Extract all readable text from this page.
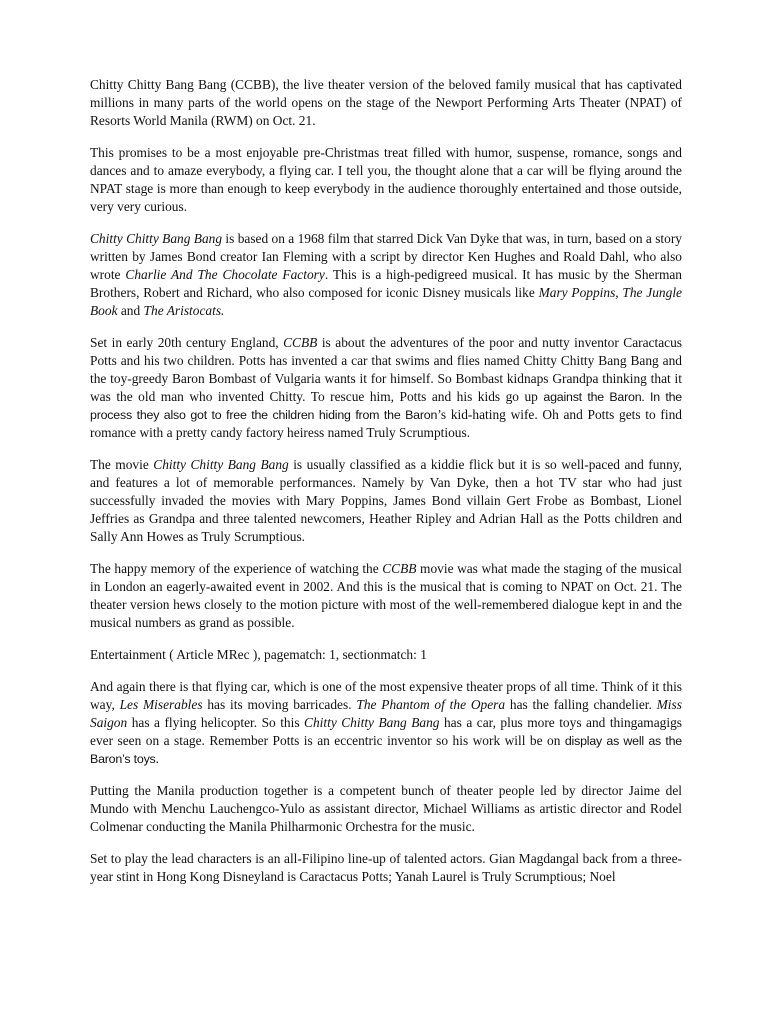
Chitty Chitty Bang Bang (CCBB), the live theater version of the beloved family musical that has captivated millions in many parts of the world opens on the stage of the Newport Performing Arts Theater (NPAT) of Resorts World Manila (RWM) on Oct. 21.

This promises to be a most enjoyable pre-Christmas treat filled with humor, suspense, romance, songs and dances and to amaze everybody, a flying car. I tell you, the thought alone that a car will be flying around the NPAT stage is more than enough to keep everybody in the audience thoroughly entertained and those outside, very very curious.

Chitty Chitty Bang Bang is based on a 1968 film that starred Dick Van Dyke that was, in turn, based on a story written by James Bond creator Ian Fleming with a script by director Ken Hughes and Roald Dahl, who also wrote Charlie And The Chocolate Factory. This is a high-pedigreed musical. It has music by the Sherman Brothers, Robert and Richard, who also composed for iconic Disney musicals like Mary Poppins, The Jungle Book and The Aristocats.

Set in early 20th century England, CCBB is about the adventures of the poor and nutty inventor Caractacus Potts and his two children. Potts has invented a car that swims and flies named Chitty Chitty Bang Bang and the toy-greedy Baron Bombast of Vulgaria wants it for himself. So Bombast kidnaps Grandpa thinking that it was the old man who invented Chitty. To rescue him, Potts and his kids go up against the Baron. In the process they also got to free the children hiding from the Baron’s kid-hating wife. Oh and Potts gets to find romance with a pretty candy factory heiress named Truly Scrumptious.

The movie Chitty Chitty Bang Bang is usually classified as a kiddie flick but it is so well-paced and funny, and features a lot of memorable performances. Namely by Van Dyke, then a hot TV star who had just successfully invaded the movies with Mary Poppins, James Bond villain Gert Frobe as Bombast, Lionel Jeffries as Grandpa and three talented newcomers, Heather Ripley and Adrian Hall as the Potts children and Sally Ann Howes as Truly Scrumptious.

The happy memory of the experience of watching the CCBB movie was what made the staging of the musical in London an eagerly-awaited event in 2002. And this is the musical that is coming to NPAT on Oct. 21. The theater version hews closely to the motion picture with most of the well-remembered dialogue kept in and the musical numbers as grand as possible.

Entertainment ( Article MRec ), pagematch: 1, sectionmatch: 1

And again there is that flying car, which is one of the most expensive theater props of all time. Think of it this way, Les Miserables has its moving barricades. The Phantom of the Opera has the falling chandelier. Miss Saigon has a flying helicopter. So this Chitty Chitty Bang Bang has a car, plus more toys and thingamagigs ever seen on a stage. Remember Potts is an eccentric inventor so his work will be on display as well as the Baron’s toys.

Putting the Manila production together is a competent bunch of theater people led by director Jaime del Mundo with Menchu Lauchengco-Yulo as assistant director, Michael Williams as artistic director and Rodel Colmenar conducting the Manila Philharmonic Orchestra for the music.

Set to play the lead characters is an all-Filipino line-up of talented actors. Gian Magdangal back from a three-year stint in Hong Kong Disneyland is Caractacus Potts; Yanah Laurel is Truly Scrumptious; Noel
